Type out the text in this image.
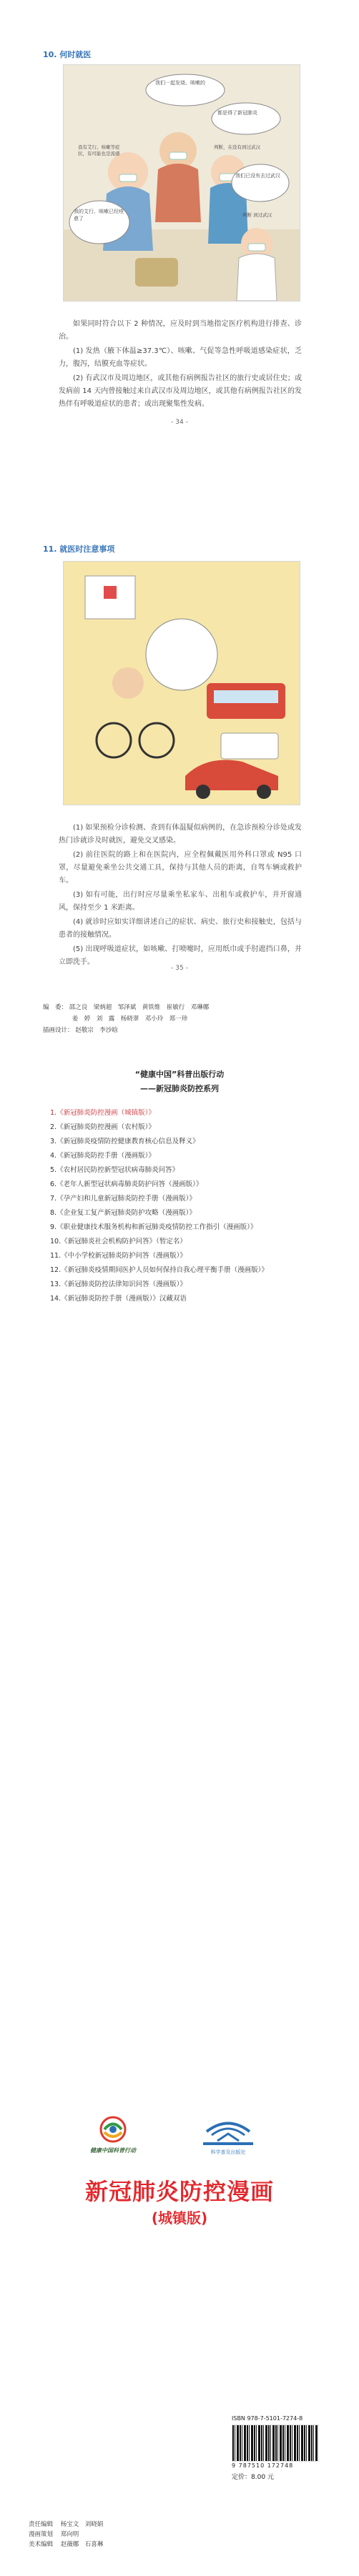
10. 何时就医
我们一起发烧、咳嗽的
都是得了新冠肺炎
我的艾行、咳嗽已经痊愈了
我们已没有去过武汉
判断，在没有到过武汉
我有艾行、咳嗽等症状，有可能也是流感
判断 到过武汉

如果同时符合以下 2 种情况，应及时到当地指定医疗机构进行排查、诊治。

(1) 发热（腋下体温≥37.3℃）、咳嗽、气促等急性呼吸道感染症状，乏力，腹泻，结膜充血等症状。

(2) 有武汉市及周边地区，或其他有病例报告社区的旅行史或居住史；或发病前 14 天内曾接触过来自武汉市及周边地区，或其他有病例报告社区的发热伴有呼吸道症状的患者；或出现聚集性发病。

- 34 -
11. 就医时注意事项

(1) 如果预检分诊检测、查到有体温疑似病例的，在急诊预检分诊处或发热门诊就诊及时就医，避免交叉感染。

(2) 前往医院的路上和在医院内，应全程佩戴医用外科口罩或 N95 口罩，尽量避免乘坐公共交通工具，保持与其他人员的距离，自驾车辆或救护车。

(3) 如有可能，出行时应尽量乘坐私家车、出租车或救护车，并开窗通风，保持至少 1 米距离。

(4) 就诊时应如实详细讲述自己的症状、病史、旅行史和接触史，包括与患者的接触情况。

(5) 出现呼吸道症状，如咳嗽、打喷嚏时，应用纸巾或手肘遮挡口鼻，并立即洗手。

- 35 -
编　委： 邵之良　梁炳超　邹泽斌　黄铁维　崔敏行　邓琳娜
姜　婷　刘　露　杨晓翠　邓小玲　郑一珍
插画设计： 赵敬宗　李沙晗
“健康中国”科普出版行动
——新冠肺炎防控系列
1.《新冠肺炎防控漫画（城镇版）》
2.《新冠肺炎防控漫画（农村版）》
3.《新冠肺炎疫情防控健康教育核心信息及释义》
4.《新冠肺炎防控手册（漫画版）》
5.《农村居民防控新型冠状病毒肺炎问答》
6.《老年人新型冠状病毒肺炎防护问答（漫画版）》
7.《孕产妇和儿童新冠肺炎防控手册（漫画版）》
8.《企业复工复产新冠肺炎防护攻略（漫画版）》
9.《职业健康技术服务机构和新冠肺炎疫情防控工作指引（漫画版）》
10.《新冠肺炎社会机构防护问答》（暂定名）
11.《中小学校新冠肺炎防护问答（漫画版）》
12.《新冠肺炎疫情期间医护人员如何保持自我心理平衡手册（漫画版）》
13.《新冠肺炎防控法律知识问答（漫画版）》
14.《新冠肺炎防控手册（漫画版）》汉藏双语
健康中国科普行动	科学普及出版社
新冠肺炎防控漫画
(城镇版)
ISBN 978-7-5101-7274-8
9 787510 172748
定价：8.00 元
责任编辑 杨宝文　刘晓娟
漫画策划 郑向明
美术编辑 赵薇娜　石喜琳
